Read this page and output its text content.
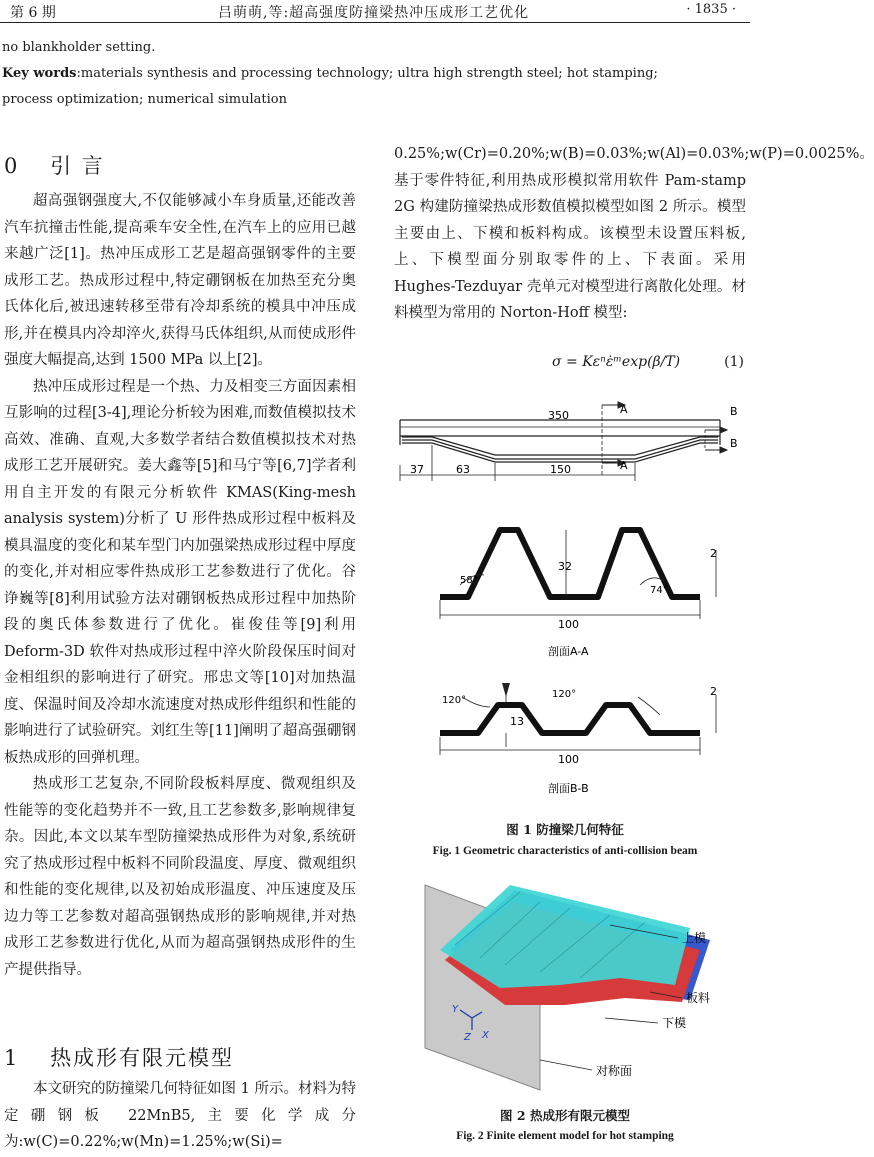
第 6 期	吕萌萌,等:超高强度防撞梁热冲压成形工艺优化	· 1835 ·
no blankholder setting.
Key words:materials synthesis and processing technology; ultra high strength steel; hot stamping;
process optimization; numerical simulation
0 引 言

超高强钢强度大,不仅能够减小车身质量,还能改善汽车抗撞击性能,提高乘车安全性,在汽车上的应用已越来越广泛[1]。热冲压成形工艺是超高强钢零件的主要成形工艺。热成形过程中,特定硼钢板在加热至充分奥氏体化后,被迅速转移至带有冷却系统的模具中冲压成形,并在模具内冷却淬火,获得马氏体组织,从而使成形件强度大幅提高,达到 1500 MPa 以上[2]。

热冲压成形过程是一个热、力及相变三方面因素相互影响的过程[3-4],理论分析较为困难,而数值模拟技术高效、准确、直观,大多数学者结合数值模拟技术对热成形工艺开展研究。姜大鑫等[5]和马宁等[6,7]学者利用自主开发的有限元分析软件 KMAS(King-mesh analysis system)分析了 U 形件热成形过程中板料及模具温度的变化和某车型门内加强梁热成形过程中厚度的变化,并对相应零件热成形工艺参数进行了优化。谷诤巍等[8]利用试验方法对硼钢板热成形过程中加热阶段的奥氏体参数进行了优化。崔俊佳等[9]利用 Deform-3D 软件对热成形过程中淬火阶段保压时间对金相组织的影响进行了研究。邢忠文等[10]对加热温度、保温时间及冷却水流速度对热成形件组织和性能的影响进行了试验研究。刘红生等[11]阐明了超高强硼钢板热成形的回弹机理。

热成形工艺复杂,不同阶段板料厚度、微观组织及性能等的变化趋势并不一致,且工艺参数多,影响规律复杂。因此,本文以某车型防撞梁热成形件为对象,系统研究了热成形过程中板料不同阶段温度、厚度、微观组织和性能的变化规律,以及初始成形温度、冲压速度及压边力等工艺参数对超高强钢热成形的影响规律,并对热成形工艺参数进行优化,从而为超高强钢热成形件的生产提供指导。

1 热成形有限元模型

本文研究的防撞梁几何特征如图 1 所示。材料为特定硼钢板 22MnB5,主要化学成分为:w(C)=0.22%;w(Mn)=1.25%;w(Si)=

0.25%;w(Cr)=0.20%;w(B)=0.03%;w(Al)=0.03%;w(P)=0.0025%。基于零件特征,利用热成形模拟常用软件 Pam-stamp 2G 构建防撞梁热成形数值模拟模型如图 2 所示。模型主要由上、下模和板料构成。该模型未设置压料板,上、下模型面分别取零件的上、下表面。采用 Hughes-Tezduyar 壳单元对模型进行离散化处理。材料模型为常用的 Norton-Hoff 模型:

σ = Kεⁿε̇ᵐexp(β/T)	(1)
350
37	63	150
A
A
B
B
32
100
2
58°
74°
剖面A-A
13
100
2
120°
120°
剖面B-B
图 1 防撞梁几何特征
Fig. 1 Geometric characteristics of anti-collision beam
上模
板料
下模
对称面
Y
Z X
图 2 热成形有限元模型
Fig. 2 Finite element model for hot stamping
